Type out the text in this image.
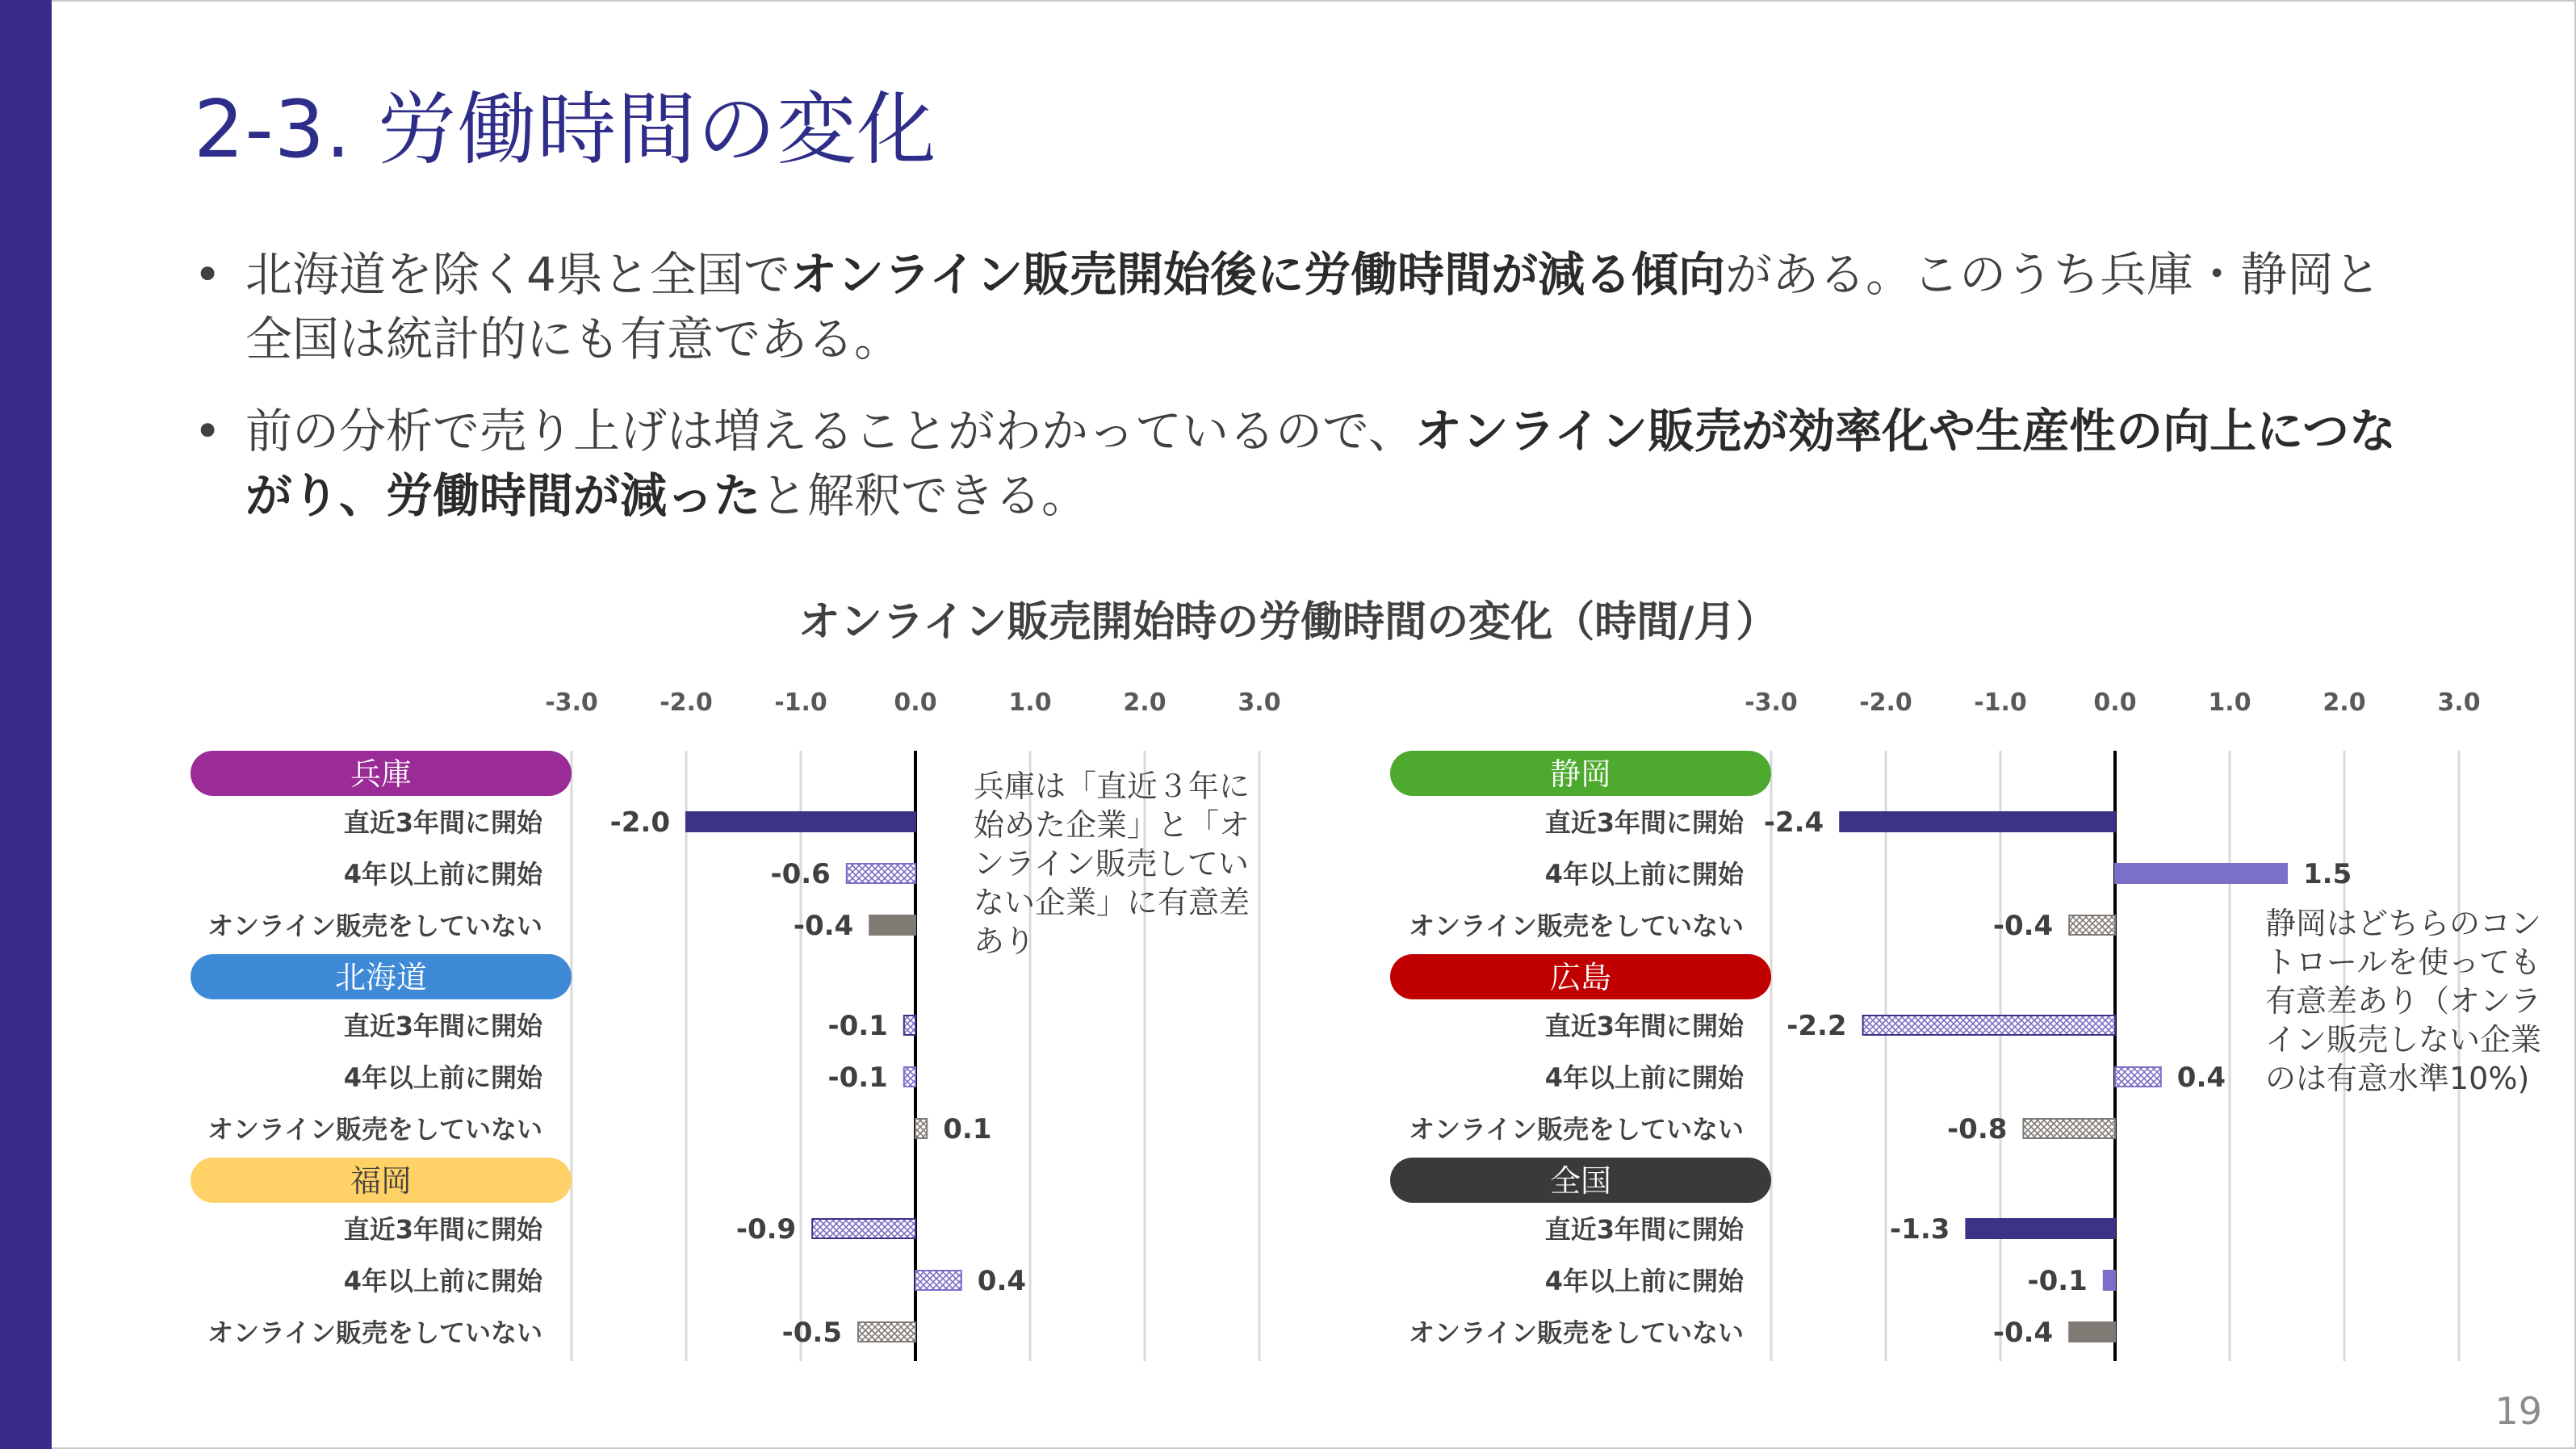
2-3. 労働時間の変化
• 北海道を除く4県と全国でオンライン販売開始後に労働時間が減る傾向がある。このうち兵庫・静岡と全国は統計的にも有意である。
• 前の分析で売り上げは増えることがわかっているので、オンライン販売が効率化や生産性の向上につながり、労働時間が減ったと解釈できる。
オンライン販売開始時の労働時間の変化（時間/月）
-3.0	-2.0	-1.0	0.0	1.0	2.0	3.0
兵庫
直近3年間に開始 -2.0
4年以上前に開始	-0.6
オンライン販売をしていない	-0.4
北海道
直近3年間に開始	-0.1
4年以上前に開始	-0.1
オンライン販売をしていない	0.1
福岡
直近3年間に開始	-0.9
4年以上前に開始	0.4
オンライン販売をしていない	-0.5
-3.0	-2.0	-1.0	0.0	1.0	2.0	3.0
静岡
直近3年間に開始 -2.4
4年以上前に開始	1.5
オンライン販売をしていない	-0.4
広島
直近3年間に開始 -2.2
4年以上前に開始	0.4
オンライン販売をしていない	-0.8
全国
直近3年間に開始	-1.3
4年以上前に開始	-0.1
オンライン販売をしていない	-0.4
兵庫は「直近３年に始めた企業」と「オンライン販売していない企業」に有意差あり	静岡はどちらのコントロールを使っても有意差あり（オンライン販売しない企業のは有意水準10%)
19
